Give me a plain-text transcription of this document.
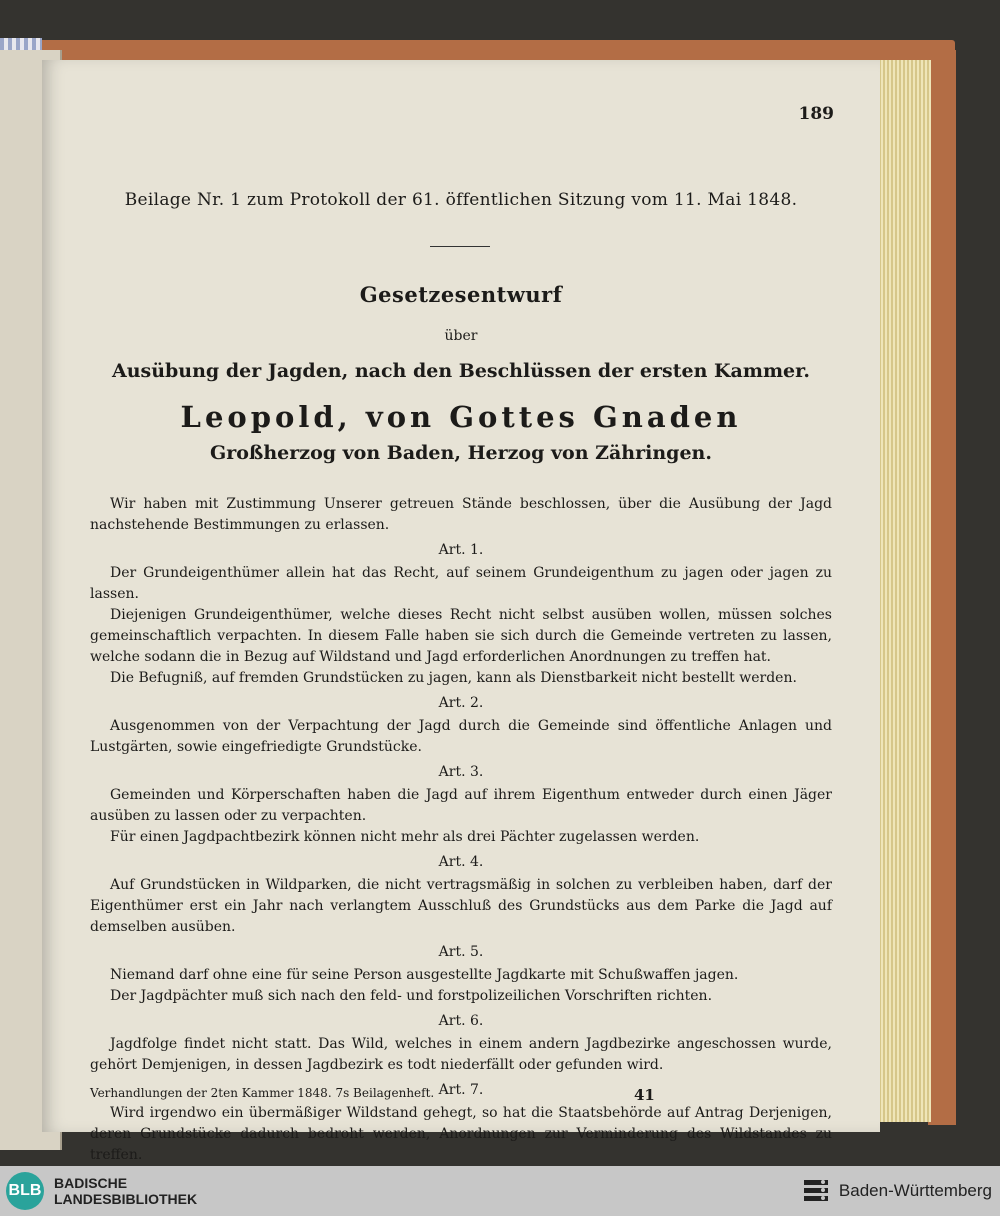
189
Beilage Nr. 1 zum Protokoll der 61. öffentlichen Sitzung vom 11. Mai 1848.
Gesetzesentwurf
über
Ausübung der Jagden, nach den Beschlüssen der ersten Kammer.
Leopold, von Gottes Gnaden
Großherzog von Baden, Herzog von Zähringen.

Wir haben mit Zustimmung Unserer getreuen Stände beschlossen, über die Ausübung der Jagd nachstehende Bestimmungen zu erlassen.

Art. 1.

Der Grundeigenthümer allein hat das Recht, auf seinem Grundeigenthum zu jagen oder jagen zu lassen.

Diejenigen Grundeigenthümer, welche dieses Recht nicht selbst ausüben wollen, müssen solches gemeinschaftlich verpachten. In diesem Falle haben sie sich durch die Gemeinde vertreten zu lassen, welche sodann die in Bezug auf Wildstand und Jagd erforderlichen Anordnungen zu treffen hat.

Die Befugniß, auf fremden Grundstücken zu jagen, kann als Dienstbarkeit nicht bestellt werden.

Art. 2.

Ausgenommen von der Verpachtung der Jagd durch die Gemeinde sind öffentliche Anlagen und Lustgärten, sowie eingefriedigte Grundstücke.

Art. 3.

Gemeinden und Körperschaften haben die Jagd auf ihrem Eigenthum entweder durch einen Jäger ausüben zu lassen oder zu verpachten.

Für einen Jagdpachtbezirk können nicht mehr als drei Pächter zugelassen werden.

Art. 4.

Auf Grundstücken in Wildparken, die nicht vertragsmäßig in solchen zu verbleiben haben, darf der Eigenthümer erst ein Jahr nach verlangtem Ausschluß des Grundstücks aus dem Parke die Jagd auf demselben ausüben.

Art. 5.

Niemand darf ohne eine für seine Person ausgestellte Jagdkarte mit Schußwaffen jagen.

Der Jagdpächter muß sich nach den feld- und forstpolizeilichen Vorschriften richten.

Art. 6.

Jagdfolge findet nicht statt. Das Wild, welches in einem andern Jagdbezirke angeschossen wurde, gehört Demjenigen, in dessen Jagdbezirk es todt niederfällt oder gefunden wird.

Art. 7.

Wird irgendwo ein übermäßiger Wildstand gehegt, so hat die Staatsbehörde auf Antrag Derjenigen, deren Grundstücke dadurch bedroht werden, Anordnungen zur Verminderung des Wildstandes zu treffen.

Verhandlungen der 2ten Kammer 1848. 7s Beilagenheft.	41
BLB BADISCHE
LANDESBIBLIOTHEK	Baden-Württemberg
